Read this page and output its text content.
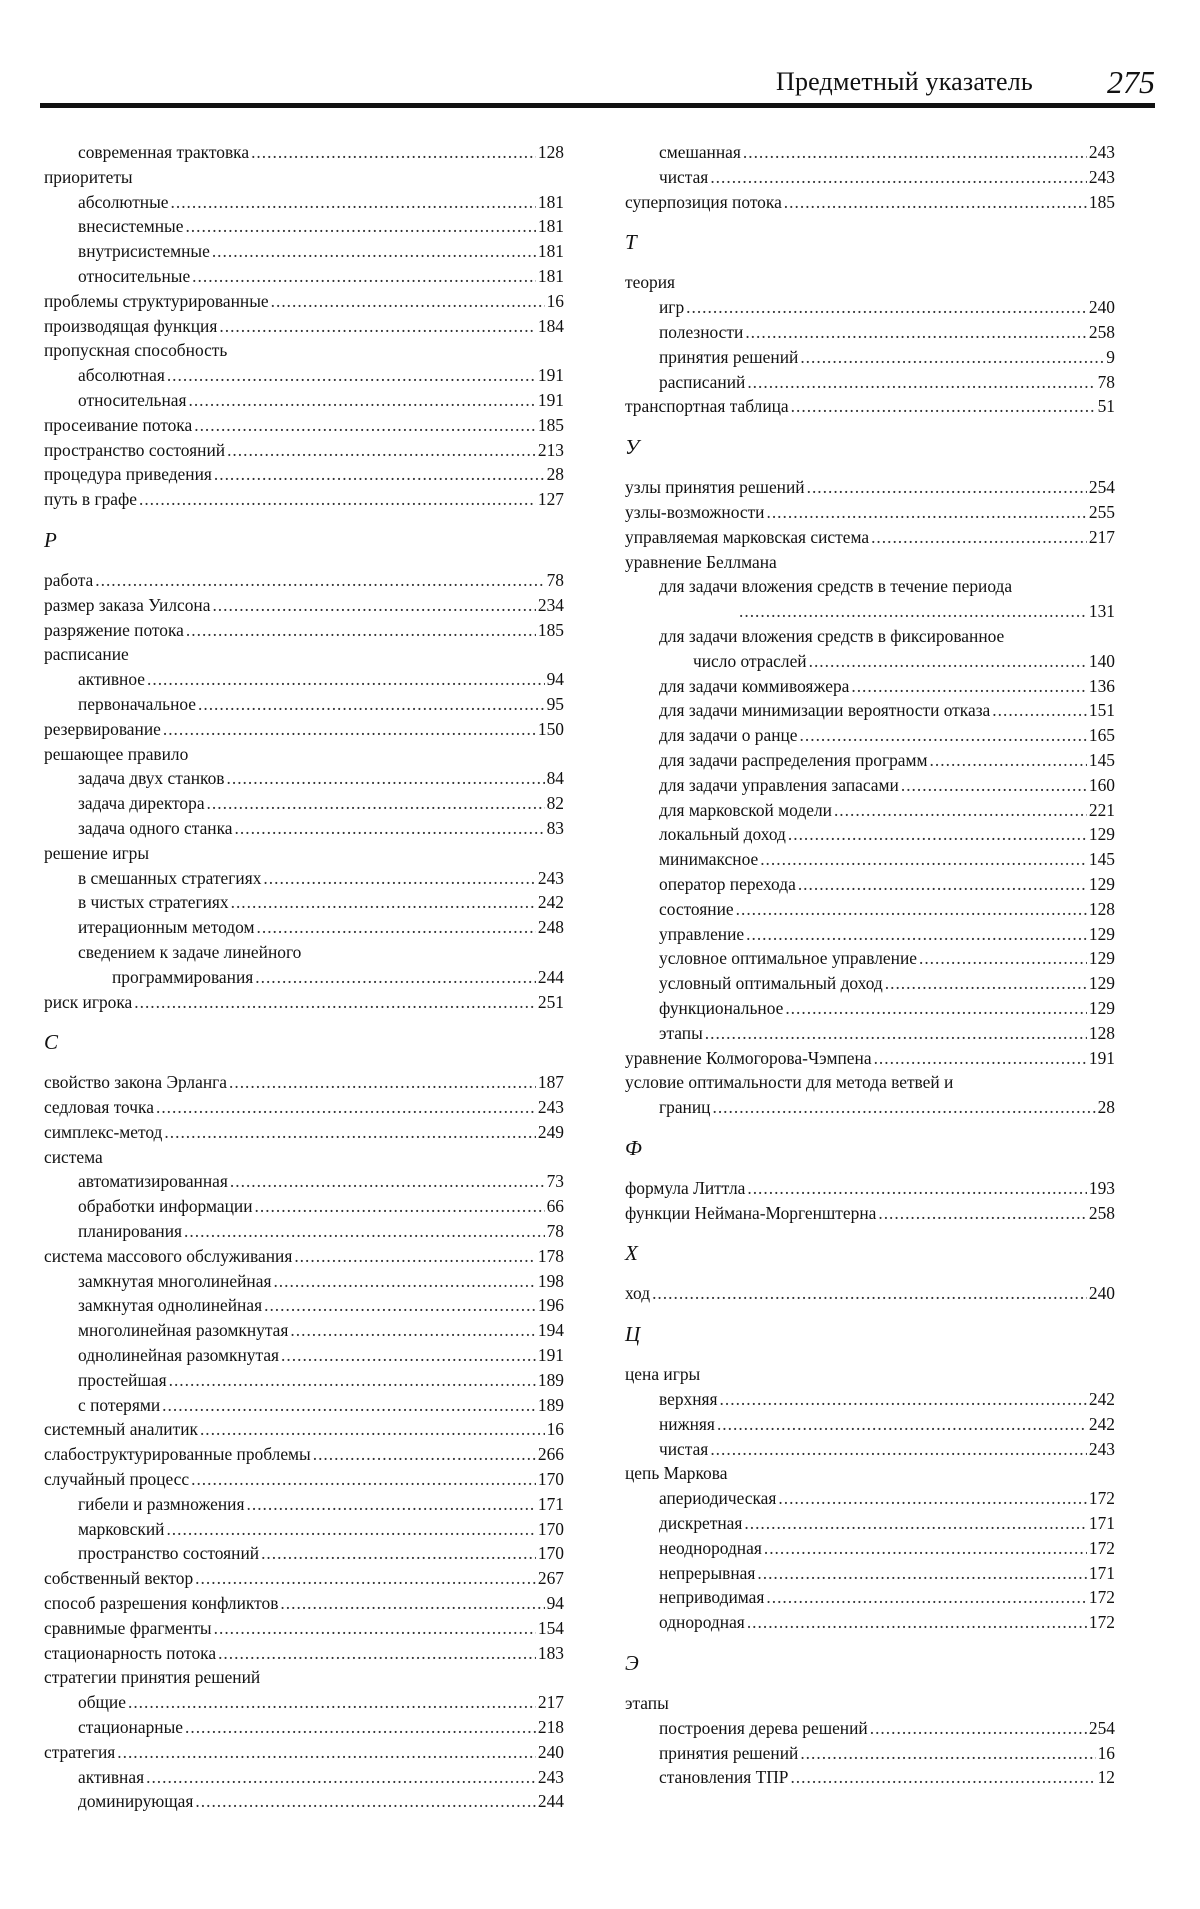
Предметный указатель 275
современная трактовка .....	128
приоритеты
абсолютные .....	181
внесистемные .....	181
внутрисистемные .....	181
относительные .....	181
проблемы структурированные .....	16
производящая функция .....	184
пропускная способность
абсолютная .....	191
относительная .....	191
просеивание потока .....	185
пространство состояний .....	213
процедура приведения .....	28
путь в графе .....	127
Р
работа .....	78
размер заказа Уилсона .....	234
разряжение потока .....	185
расписание
активное .....	94
первоначальное .....	95
резервирование .....	150
решающее правило
задача двух станков .....	84
задача директора .....	82
задача одного станка .....	83
решение игры
в смешанных стратегиях .....	243
в чистых стратегиях .....	242
итерационным методом .....	248
сведением к задаче линейного
программирования .....	244
риск игрока .....	251
С
свойство закона Эрланга .....	187
седловая точка .....	243
симплекс-метод .....	249
система
автоматизированная .....	73
обработки информации .....	66
планирования .....	78
система массового обслуживания .....	178
замкнутая многолинейная .....	198
замкнутая однолинейная .....	196
многолинейная разомкнутая .....	194
однолинейная разомкнутая .....	191
простейшая .....	189
с потерями .....	189
системный аналитик .....	16
слабоструктурированные проблемы .....	266
случайный процесс .....	170
гибели и размножения .....	171
марковский .....	170
пространство состояний .....	170
собственный вектор .....	267
способ разрешения конфликтов .....	94
сравнимые фрагменты .....	154
стационарность потока .....	183
стратегии принятия решений
общие .....	217
стационарные .....	218
стратегия .....	240
активная .....	243
доминирующая .....	244
смешанная .....	243
чистая .....	243
суперпозиция потока .....	185
Т
теория
игр .....	240
полезности .....	258
принятия решений .....	9
расписаний .....	78
транспортная таблица .....	51
У
узлы принятия решений .....	254
узлы-возможности .....	255
управляемая марковская система .....	217
уравнение Беллмана
для задачи вложения средств в течение периода
.....
131
для задачи вложения средств в фиксированное
число отраслей .....	140
для задачи коммивояжера .....	136
для задачи минимизации вероятности отказа .....	151
для задачи о ранце .....	165
для задачи распределения программ .....	145
для задачи управления запасами .....	160
для марковской модели .....	221
локальный доход .....	129
минимаксное .....	145
оператор перехода .....	129
состояние .....	128
управление .....	129
условное оптимальное управление .....	129
условный оптимальный доход .....	129
функциональное .....	129
этапы .....	128
уравнение Колмогорова-Чэмпена .....	191
условие оптимальности для метода ветвей и
границ .....	28
Ф
формула Литтла .....	193
функции Неймана-Моргенштерна .....	258
Х
ход .....	240
Ц
цена игры
верхняя .....	242
нижняя .....	242
чистая .....	243
цепь Маркова
апериодическая .....	172
дискретная .....	171
неоднородная .....	172
непрерывная .....	171
неприводимая .....	172
однородная .....	172
Э
этапы
построения дерева решений .....	254
принятия решений .....	16
становления ТПР .....	12
